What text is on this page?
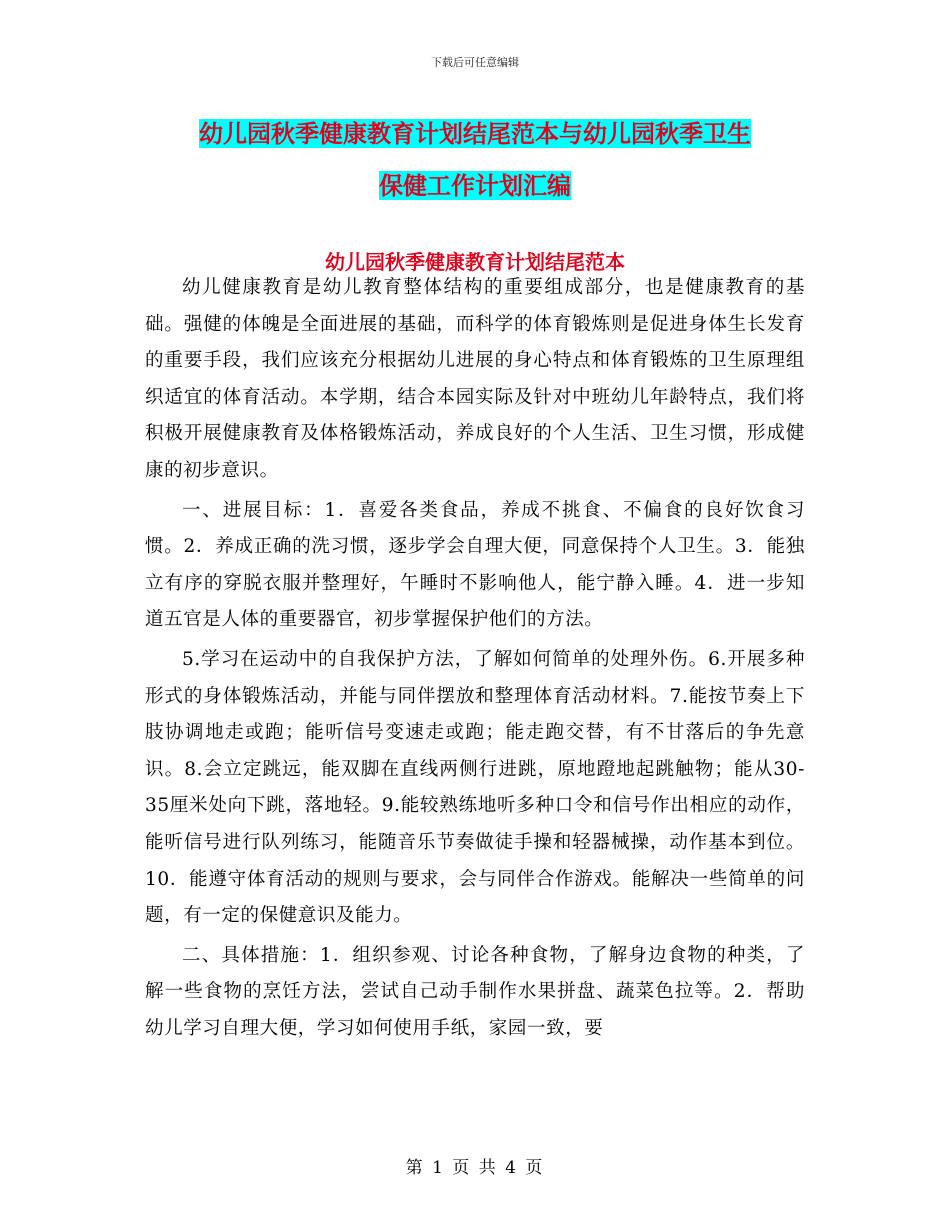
下载后可任意编辑
幼儿园秋季健康教育计划结尾范本与幼儿园秋季卫生
保健工作计划汇编
幼儿园秋季健康教育计划结尾范本

幼儿健康教育是幼儿教育整体结构的重要组成部分，也是健康教育的基础。强健的体魄是全面进展的基础，而科学的体育锻炼则是促进身体生长发育的重要手段，我们应该充分根据幼儿进展的身心特点和体育锻炼的卫生原理组织适宜的体育活动。本学期，结合本园实际及针对中班幼儿年龄特点，我们将积极开展健康教育及体格锻炼活动，养成良好的个人生活、卫生习惯，形成健康的初步意识。

一、进展目标：1．喜爱各类食品，养成不挑食、不偏食的良好饮食习惯。2．养成正确的洗习惯，逐步学会自理大便，同意保持个人卫生。3．能独立有序的穿脱衣服并整理好，午睡时不影响他人，能宁静入睡。4．进一步知道五官是人体的重要器官，初步掌握保护他们的方法。

5.学习在运动中的自我保护方法，了解如何简单的处理外伤。6.开展多种形式的身体锻炼活动，并能与同伴摆放和整理体育活动材料。7.能按节奏上下肢协调地走或跑；能听信号变速走或跑；能走跑交替，有不甘落后的争先意识。8.会立定跳远，能双脚在直线两侧行进跳，原地蹬地起跳触物；能从30-35厘米处向下跳，落地轻。9.能较熟练地听多种口令和信号作出相应的动作，能听信号进行队列练习，能随音乐节奏做徒手操和轻器械操，动作基本到位。10．能遵守体育活动的规则与要求，会与同伴合作游戏。能解决一些简单的问题，有一定的保健意识及能力。

二、具体措施：1．组织参观、讨论各种食物，了解身边食物的种类，了解一些食物的烹饪方法，尝试自己动手制作水果拼盘、蔬菜色拉等。2．帮助幼儿学习自理大便，学习如何使用手纸，家园一致，要

第 1 页 共 4 页
